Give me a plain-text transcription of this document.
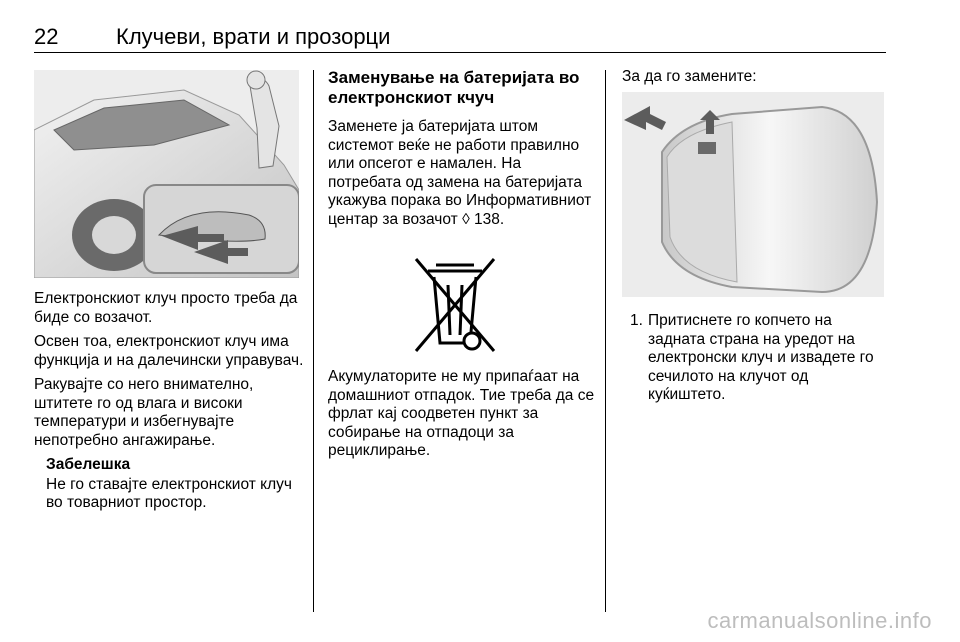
22	Клучеви, врати и прозорци

Електронскиот клуч просто треба да биде со возачот.

Освен тоа, електронскиот клуч има функција и на далечински управувач.

Ракувајте со него внимателно, штитете го од влага и високи температури и избегнувајте непотребно ангажирање.

Забелешка
Не го ставајте електронскиот клуч во товарниот простор.
Заменување на батеријата во електронскиот кчуч

Заменете ја батеријата штом системот веќе не работи правилно или опсегот е намален. На потребата од замена на батеријата укажува порака во Информативниот центар за возачот ◊ 138.

Акумулаторите не му припаѓаат на домашниот отпадок. Тие треба да се фрлат кај соодветен пункт за собирање на отпадоци за рециклирање.

За да го замените:

1. Притиснете го копчето на задната страна на уредот на електронски клуч и извадете го сечилото на клучот од куќиштето.
carmanualsonline.info
